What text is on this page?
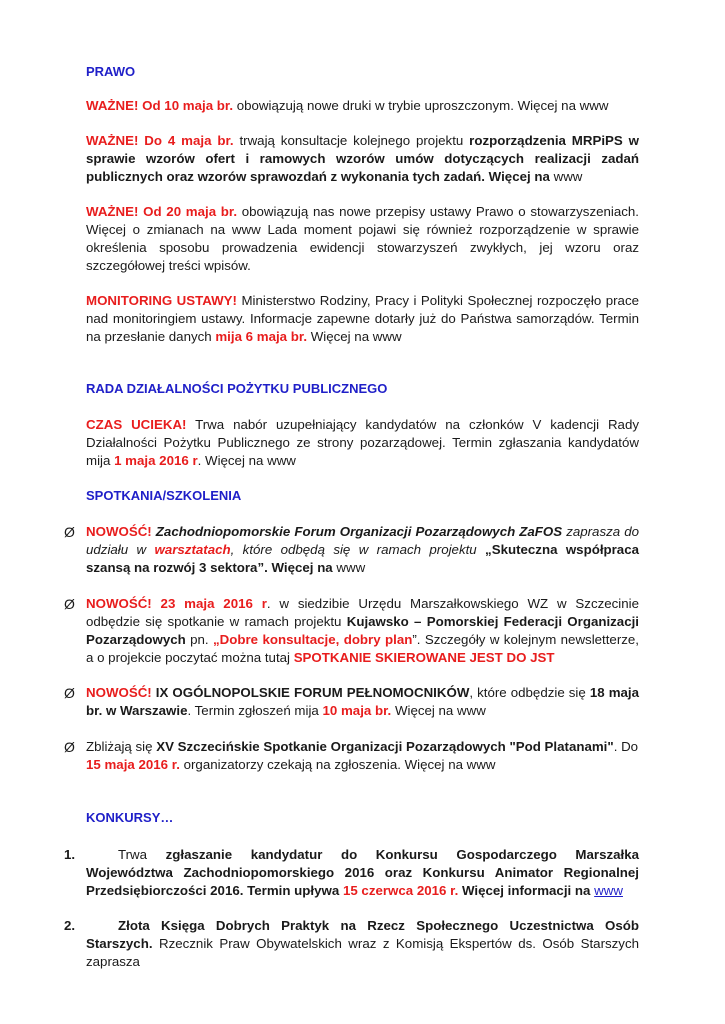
PRAWO
WAŻNE! Od 10 maja br. obowiązują nowe druki w trybie uproszczonym. Więcej na www
WAŻNE! Do 4 maja br. trwają konsultacje kolejnego projektu rozporządzenia MRPiPS w sprawie wzorów ofert i ramowych wzorów umów dotyczących realizacji zadań publicznych oraz wzorów sprawozdań z wykonania tych zadań. Więcej na www
WAŻNE! Od 20 maja br. obowiązują nas nowe przepisy ustawy Prawo o stowarzyszeniach. Więcej o zmianach na www Lada moment pojawi się również rozporządzenie w sprawie określenia sposobu prowadzenia ewidencji stowarzyszeń zwykłych, jej wzoru oraz szczegółowej treści wpisów.
MONITORING USTAWY! Ministerstwo Rodziny, Pracy i Polityki Społecznej rozpoczęło prace nad monitoringiem ustawy. Informacje zapewne dotarły już do Państwa samorządów. Termin na przesłanie danych mija 6 maja br. Więcej na www
RADA DZIAŁALNOŚCI POŻYTKU PUBLICZNEGO
CZAS UCIEKA! Trwa nabór uzupełniający kandydatów na członków V kadencji Rady Działalności Pożytku Publicznego ze strony pozarządowej. Termin zgłaszania kandydatów mija 1 maja 2016 r. Więcej na www
SPOTKANIA/SZKOLENIA
Ø NOWOŚĆ! Zachodniopomorskie Forum Organizacji Pozarządowych ZaFOS zaprasza do udziału w warsztatach, które odbędą się w ramach projektu „Skuteczna współpraca szansą na rozwój 3 sektora”. Więcej na www
Ø NOWOŚĆ! 23 maja 2016 r. w siedzibie Urzędu Marszałkowskiego WZ w Szczecinie odbędzie się spotkanie w ramach projektu Kujawsko – Pomorskiej Federacji Organizacji Pozarządowych pn. „Dobre konsultacje, dobry plan”. Szczegóły w kolejnym newsletterze, a o projekcie poczytać można tutaj SPOTKANIE SKIEROWANE JEST DO JST
Ø NOWOŚĆ! IX OGÓLNOPOLSKIE FORUM PEŁNOMOCNIKÓW, które odbędzie się 18 maja br. w Warszawie. Termin zgłoszeń mija 10 maja br. Więcej na www
Ø Zbliżają się XV Szczecińskie Spotkanie Organizacji Pozarządowych "Pod Platanami". Do 15 maja 2016 r. organizatorzy czekają na zgłoszenia. Więcej na www
KONKURSY…
1.	Trwa zgłaszanie kandydatur do Konkursu Gospodarczego Marszałka Województwa Zachodniopomorskiego 2016 oraz Konkursu Animator Regionalnej Przedsiębiorczości 2016. Termin upływa 15 czerwca 2016 r. Więcej informacji na www
2.	Złota Księga Dobrych Praktyk na Rzecz Społecznego Uczestnictwa Osób Starszych. Rzecznik Praw Obywatelskich wraz z Komisją Ekspertów ds. Osób Starszych zaprasza
